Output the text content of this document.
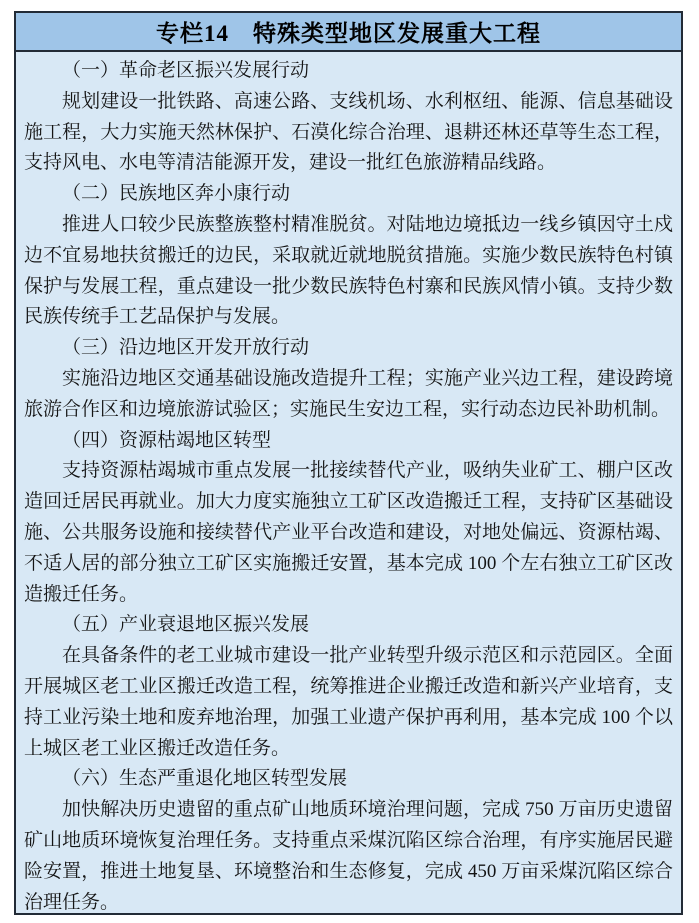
专栏14　特殊类型地区发展重大工程

（一）革命老区振兴发展行动

规划建设一批铁路、高速公路、支线机场、水利枢纽、能源、信息基础设施工程，大力实施天然林保护、石漠化综合治理、退耕还林还草等生态工程，支持风电、水电等清洁能源开发，建设一批红色旅游精品线路。

（二）民族地区奔小康行动

推进人口较少民族整族整村精准脱贫。对陆地边境抵边一线乡镇因守土戍边不宜易地扶贫搬迁的边民，采取就近就地脱贫措施。实施少数民族特色村镇保护与发展工程，重点建设一批少数民族特色村寨和民族风情小镇。支持少数民族传统手工艺品保护与发展。

（三）沿边地区开发开放行动

实施沿边地区交通基础设施改造提升工程；实施产业兴边工程，建设跨境旅游合作区和边境旅游试验区；实施民生安边工程，实行动态边民补助机制。

（四）资源枯竭地区转型

支持资源枯竭城市重点发展一批接续替代产业，吸纳失业矿工、棚户区改造回迁居民再就业。加大力度实施独立工矿区改造搬迁工程，支持矿区基础设施、公共服务设施和接续替代产业平台改造和建设，对地处偏远、资源枯竭、不适人居的部分独立工矿区实施搬迁安置，基本完成 100 个左右独立工矿区改造搬迁任务。

（五）产业衰退地区振兴发展

在具备条件的老工业城市建设一批产业转型升级示范区和示范园区。全面开展城区老工业区搬迁改造工程，统筹推进企业搬迁改造和新兴产业培育，支持工业污染土地和废弃地治理，加强工业遗产保护再利用，基本完成 100 个以上城区老工业区搬迁改造任务。

（六）生态严重退化地区转型发展

加快解决历史遗留的重点矿山地质环境治理问题，完成 750 万亩历史遗留矿山地质环境恢复治理任务。支持重点采煤沉陷区综合治理，有序实施居民避险安置，推进土地复垦、环境整治和生态修复，完成 450 万亩采煤沉陷区综合治理任务。
